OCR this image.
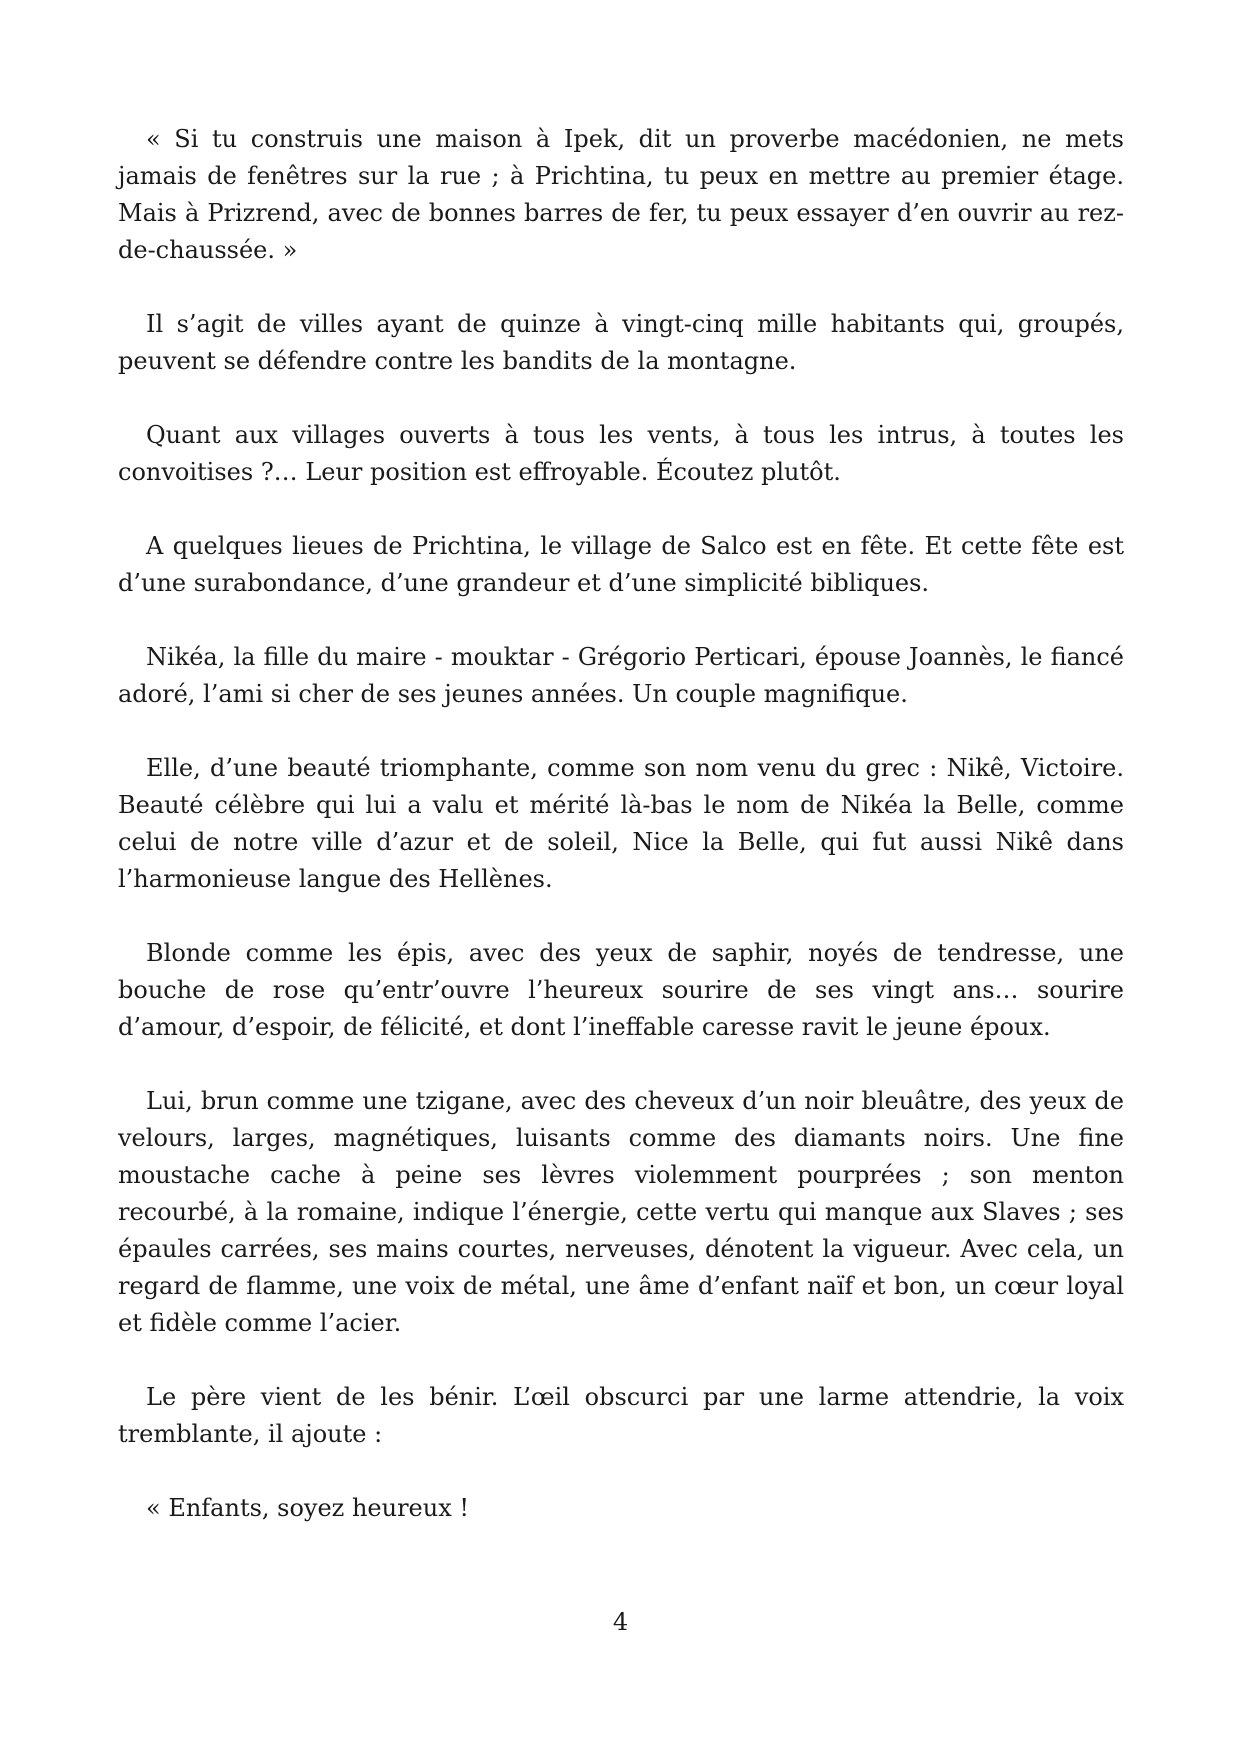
« Si tu construis une maison à Ipek, dit un proverbe macédonien, ne mets jamais de fenêtres sur la rue ; à Prichtina, tu peux en mettre au premier étage. Mais à Prizrend, avec de bonnes barres de fer, tu peux essayer d’en ouvrir au rez-de-chaussée. »

Il s’agit de villes ayant de quinze à vingt-cinq mille habitants qui, groupés, peuvent se défendre contre les bandits de la montagne.

Quant aux villages ouverts à tous les vents, à tous les intrus, à toutes les convoitises ?… Leur position est effroyable. Écoutez plutôt.

A quelques lieues de Prichtina, le village de Salco est en fête. Et cette fête est d’une surabondance, d’une grandeur et d’une simplicité bibliques.

Nikéa, la fille du maire - mouktar - Grégorio Perticari, épouse Joannès, le fiancé adoré, l’ami si cher de ses jeunes années. Un couple magnifique.

Elle, d’une beauté triomphante, comme son nom venu du grec : Nikê, Victoire. Beauté célèbre qui lui a valu et mérité là-bas le nom de Nikéa la Belle, comme celui de notre ville d’azur et de soleil, Nice la Belle, qui fut aussi Nikê dans l’harmonieuse langue des Hellènes.

Blonde comme les épis, avec des yeux de saphir, noyés de tendresse, une bouche de rose qu’entr’ouvre l’heureux sourire de ses vingt ans… sourire d’amour, d’espoir, de félicité, et dont l’ineffable caresse ravit le jeune époux.

Lui, brun comme une tzigane, avec des cheveux d’un noir bleuâtre, des yeux de velours, larges, magnétiques, luisants comme des diamants noirs. Une fine moustache cache à peine ses lèvres violemment pourprées ; son menton recourbé, à la romaine, indique l’énergie, cette vertu qui manque aux Slaves ; ses épaules carrées, ses mains courtes, nerveuses, dénotent la vigueur. Avec cela, un regard de flamme, une voix de métal, une âme d’enfant naïf et bon, un cœur loyal et fidèle comme l’acier.

Le père vient de les bénir. L’œil obscurci par une larme attendrie, la voix tremblante, il ajoute :

« Enfants, soyez heureux !

4
